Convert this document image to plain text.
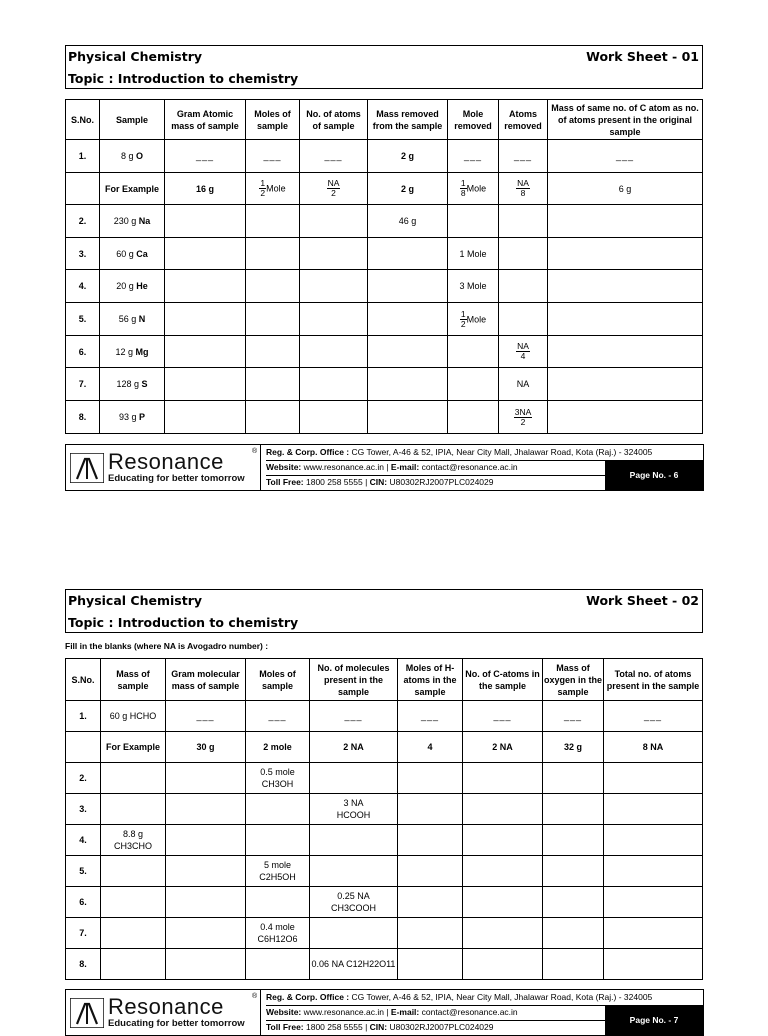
Physical Chemistry	Work Sheet - 01
Topic : Introduction to chemistry
S.No.	Sample	Gram Atomic mass of sample	Moles of sample	No. of atoms of sample	Mass removed from the sample	Mole removed	Atoms removed	Mass of same no. of C atom as no. of atoms present in the original sample
1.	8 g O	___	___	___	2 g	___	___	___
	For Example	16 g	$\frac{1}{2}$ Mole	$\frac{NA}{2}$	2 g	$\frac{1}{8}$ Mole	$\frac{NA}{8}$	6 g
2.	230 g Na				46 g			
3.	60 g Ca					1 Mole		
4.	20 g He					3 Mole		
5.	56 g N					$\frac{1}{2}$ Mole		
6.	12 g Mg						$\frac{NA}{4}$

7.	128 g S						NA	
8.	93 g P						$\frac{3NA}{2}$

Resonance	®
Educating for better tomorrow
Reg. & Corp. Office : CG Tower, A-46 & 52, IPIA, Near City Mall, Jhalawar Road, Kota (Raj.) - 324005
Website: www.resonance.ac.in | E-mail: contact@resonance.ac.in
Toll Free: 1800 258 5555 | CIN: U80302RJ2007PLC024029
Page No. - 6
Physical Chemistry	Work Sheet - 02
Topic : Introduction to chemistry
Fill in the blanks (where NA is Avogadro number) :
S.No.	Mass of sample	Gram molecular mass of sample	Moles of sample	No. of molecules present in the sample	Moles of H-atoms in the sample	No. of C-atoms in the sample	Mass of oxygen in the sample	Total no. of atoms present in the sample
1.	60 g HCHO	___	___	___	___	___	___	___
	For Example	30 g	2 mole	2 NA	4	2 NA	32 g	8 NA
2.			0.5 mole
CH3OH					

3.				3 NA
HCOOH				

4.	8.8 g
CH3CHO							

5.			5 mole
C2H5OH					

6.				0.25 NA
CH3COOH				

7.			0.4 mole
C6H12O6					

8.				0.06 NA C12H22O11				
Resonance	®
Educating for better tomorrow
Reg. & Corp. Office : CG Tower, A-46 & 52, IPIA, Near City Mall, Jhalawar Road, Kota (Raj.) - 324005
Website: www.resonance.ac.in | E-mail: contact@resonance.ac.in
Toll Free: 1800 258 5555 | CIN: U80302RJ2007PLC024029
Page No. - 7
